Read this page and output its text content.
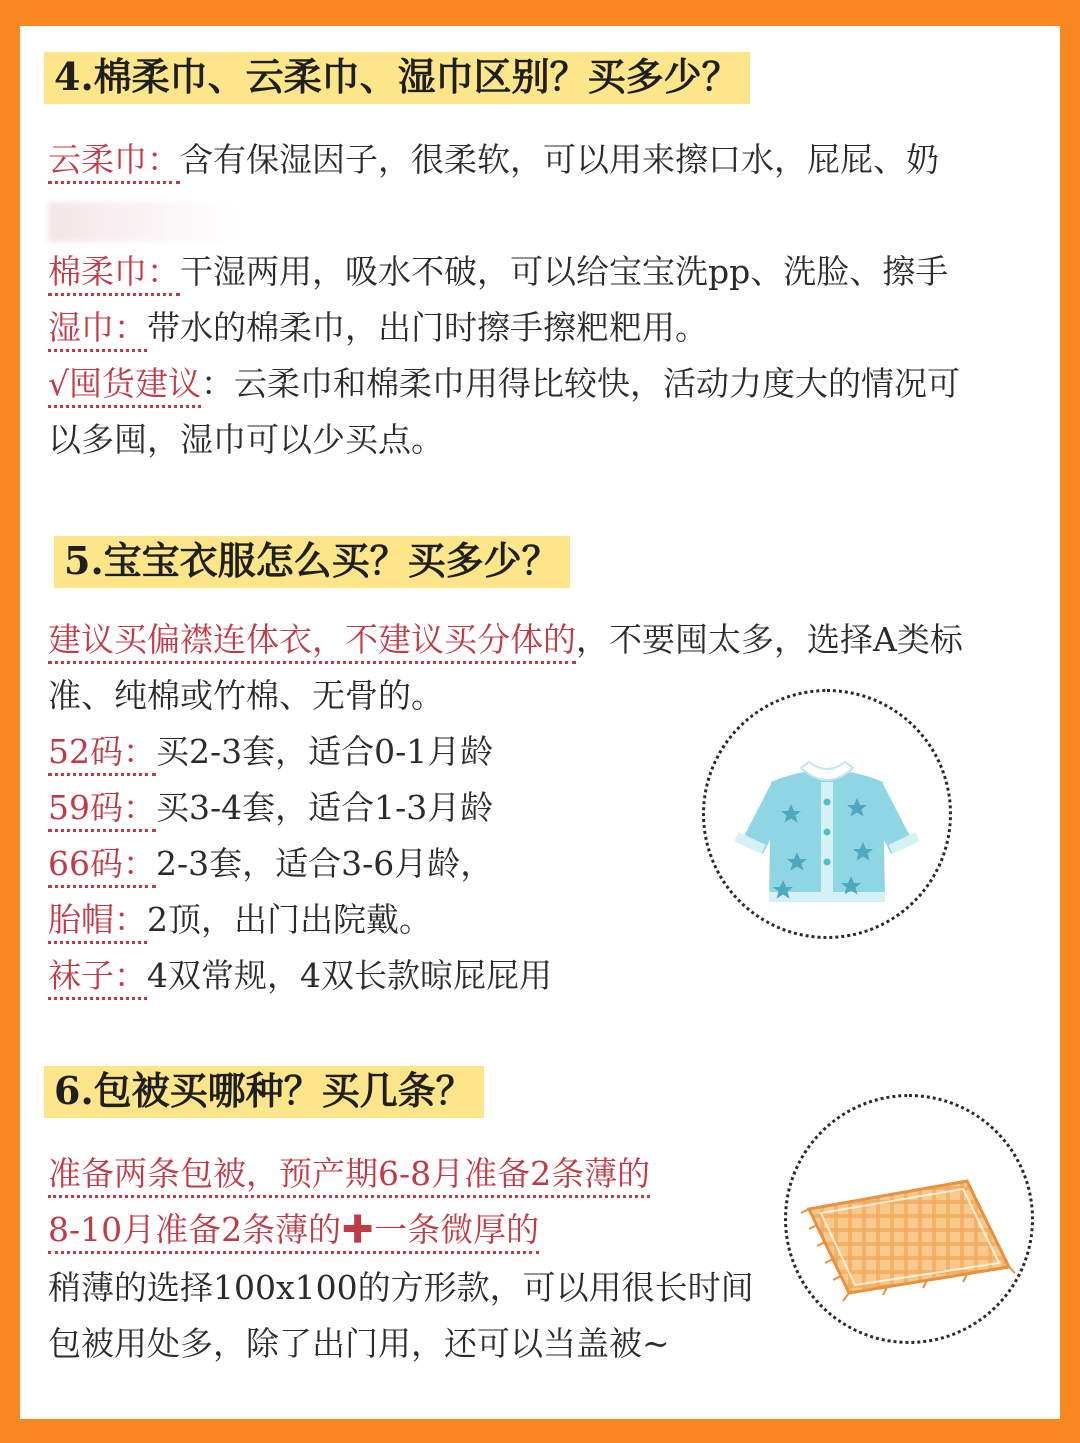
4.棉柔巾、云柔巾、湿巾区别？买多少？
云柔巾：含有保湿因子，很柔软，可以用来擦口水，屁屁、奶
棉柔巾：干湿两用，吸水不破，可以给宝宝洗pp、洗脸、擦手
湿巾：带水的棉柔巾，出门时擦手擦粑粑用。
√囤货建议：云柔巾和棉柔巾用得比较快，活动力度大的情况可
以多囤，湿巾可以少买点。
5.宝宝衣服怎么买？买多少？
建议买偏襟连体衣，不建议买分体的，不要囤太多，选择A类标
准、纯棉或竹棉、无骨的。
52码：买2-3套，适合0-1月龄
59码：买3-4套，适合1-3月龄
66码：2-3套，适合3-6月龄，
胎帽：2顶，出门出院戴。
袜子：4双常规，4双长款晾屁屁用
6.包被买哪种？买几条？
准备两条包被，预产期6-8月准备2条薄的
8-10月准备2条薄的✚一条微厚的
稍薄的选择100x100的方形款，可以用很长时间
包被用处多，除了出门用，还可以当盖被~
